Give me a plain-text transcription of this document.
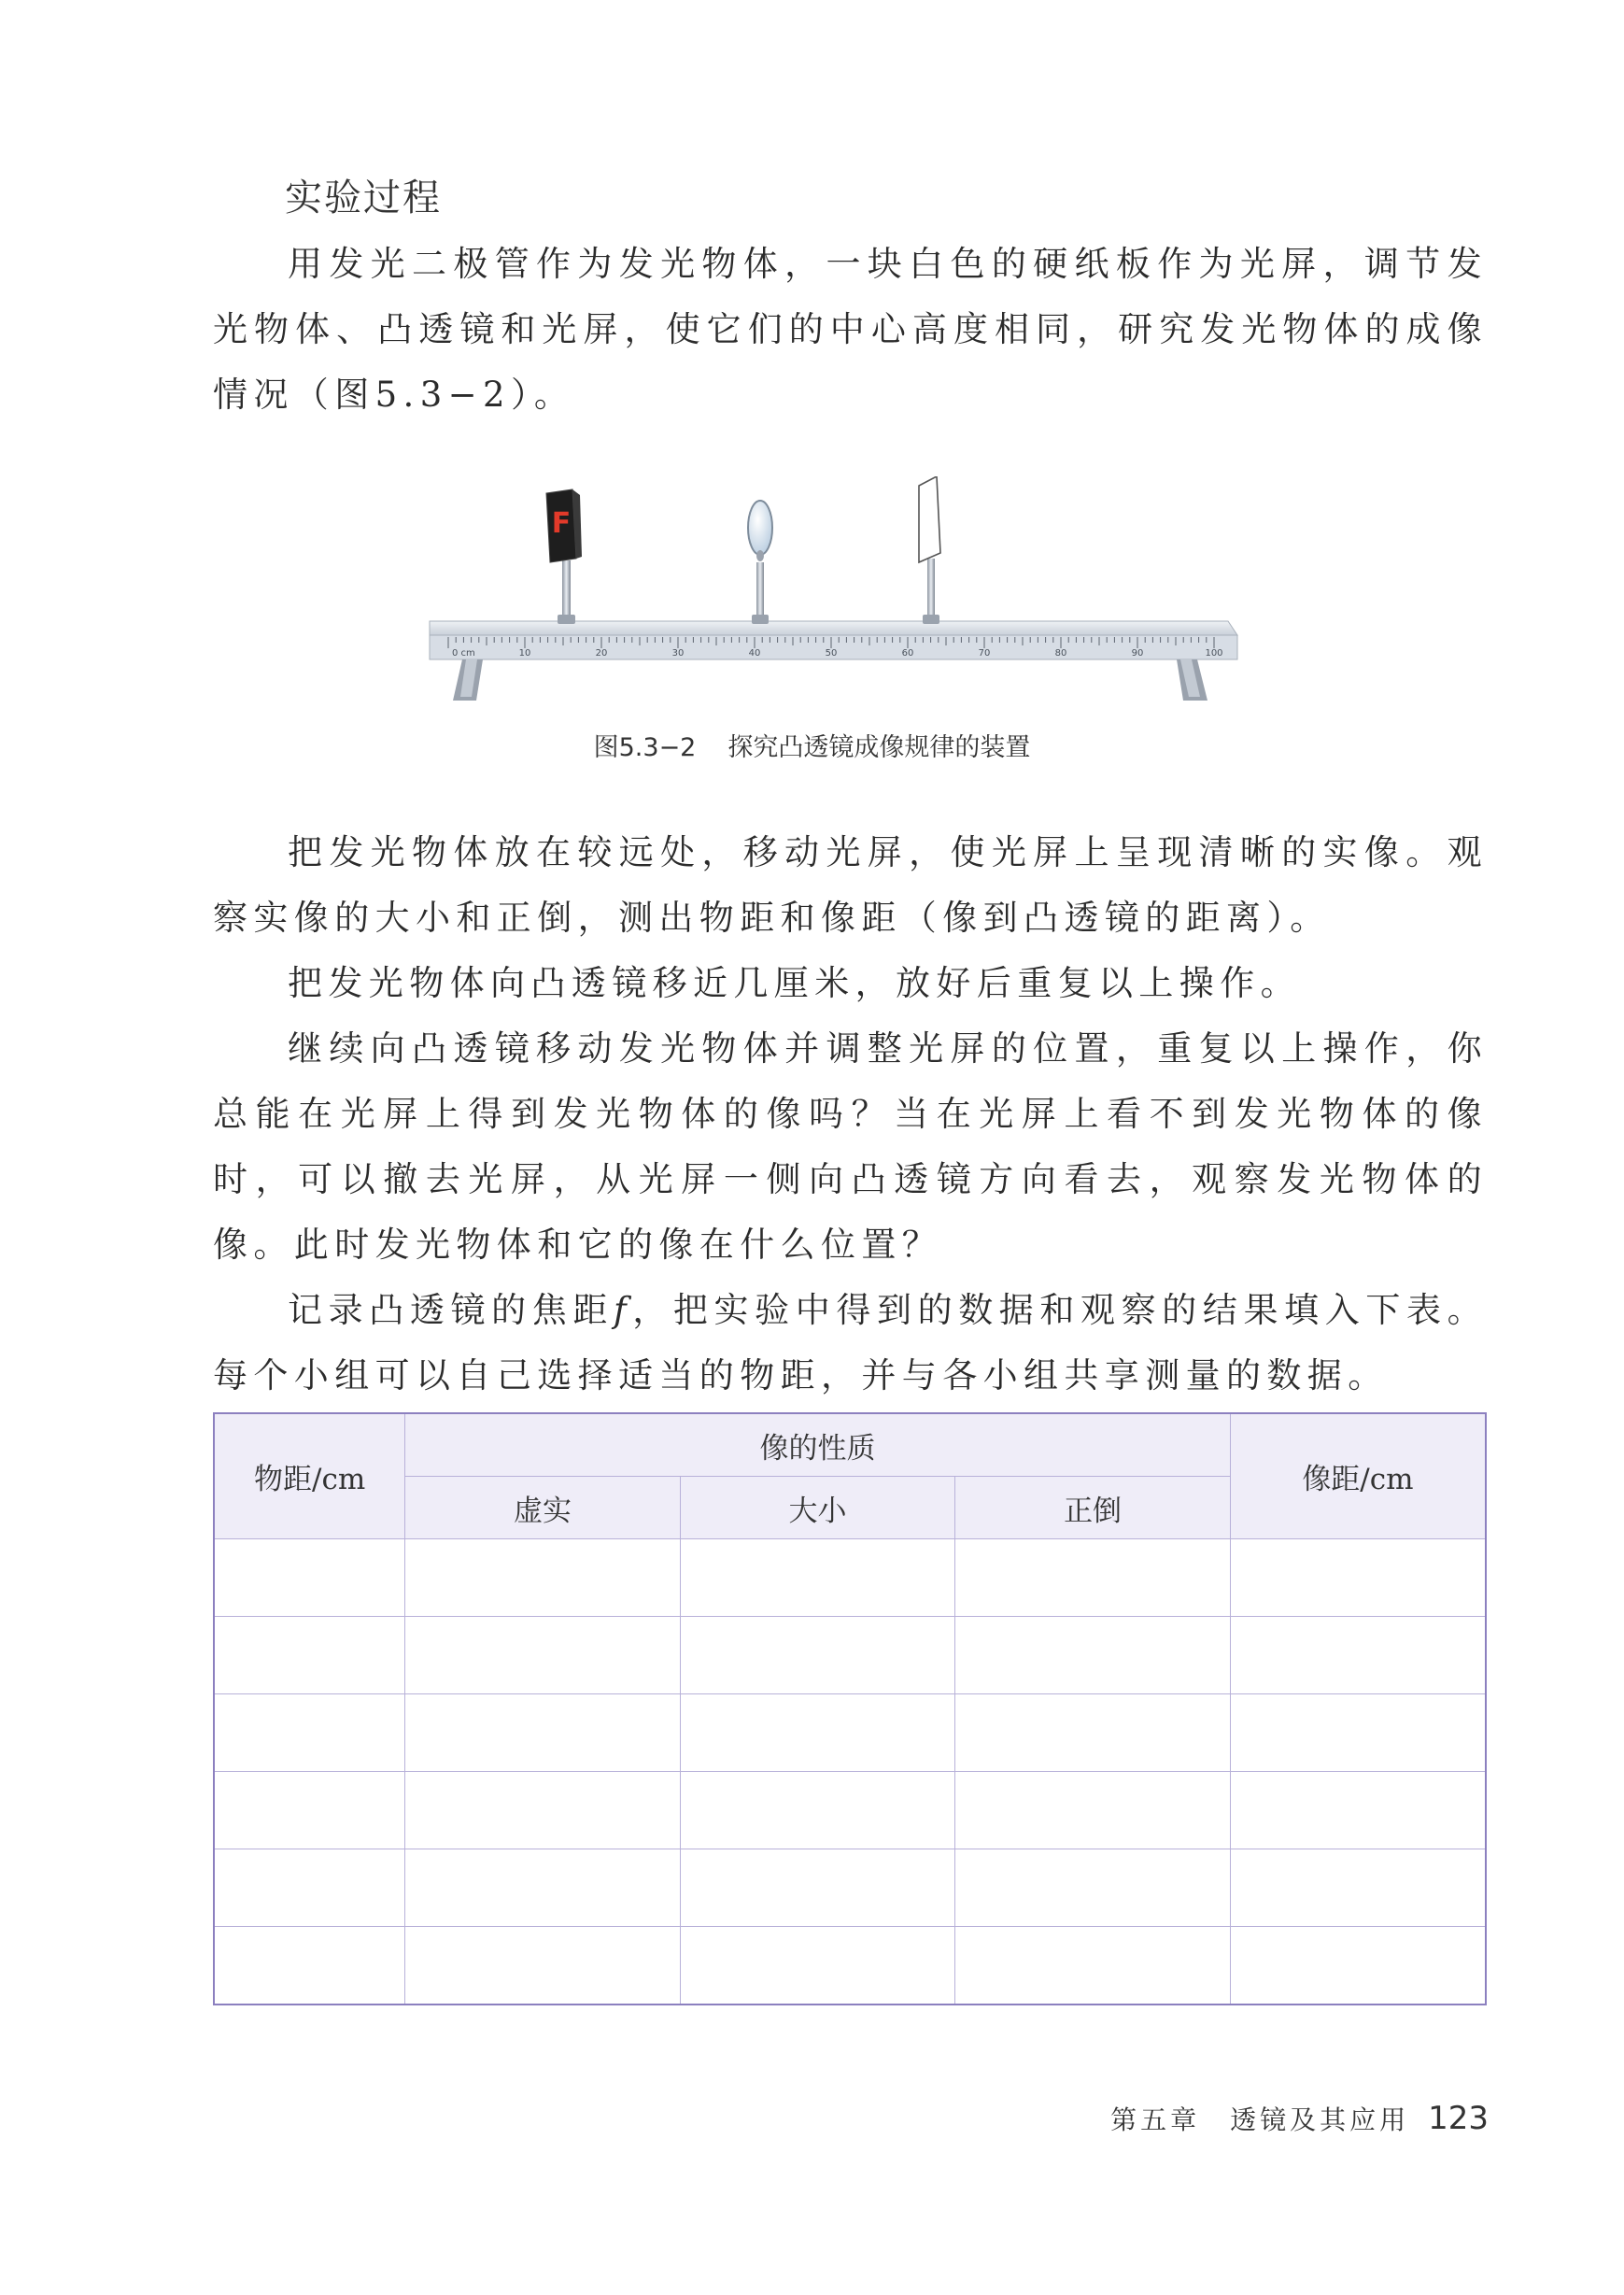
实验过程

用发光二极管作为发光物体，一块白色的硬纸板作为光屏，调节发光物体、凸透镜和光屏，使它们的中心高度相同，研究发光物体的成像情况（图5.3−2）。

0 cm	10	20	30	40	50	60	70	80	90	100
F
图5.3−2 探究凸透镜成像规律的装置

把发光物体放在较远处，移动光屏，使光屏上呈现清晰的实像。观察实像的大小和正倒，测出物距和像距（像到凸透镜的距离）。

把发光物体向凸透镜移近几厘米，放好后重复以上操作。

继续向凸透镜移动发光物体并调整光屏的位置，重复以上操作，你总能在光屏上得到发光物体的像吗？当在光屏上看不到发光物体的像时，可以撤去光屏，从光屏一侧向凸透镜方向看去，观察发光物体的像。此时发光物体和它的像在什么位置？

记录凸透镜的焦距f，把实验中得到的数据和观察的结果填入下表。每个小组可以自己选择适当的物距，并与各小组共享测量的数据。

物距/cm	像的性质			像距/cm
	虚实	大小	正倒	

第五章　透镜及其应用 123
